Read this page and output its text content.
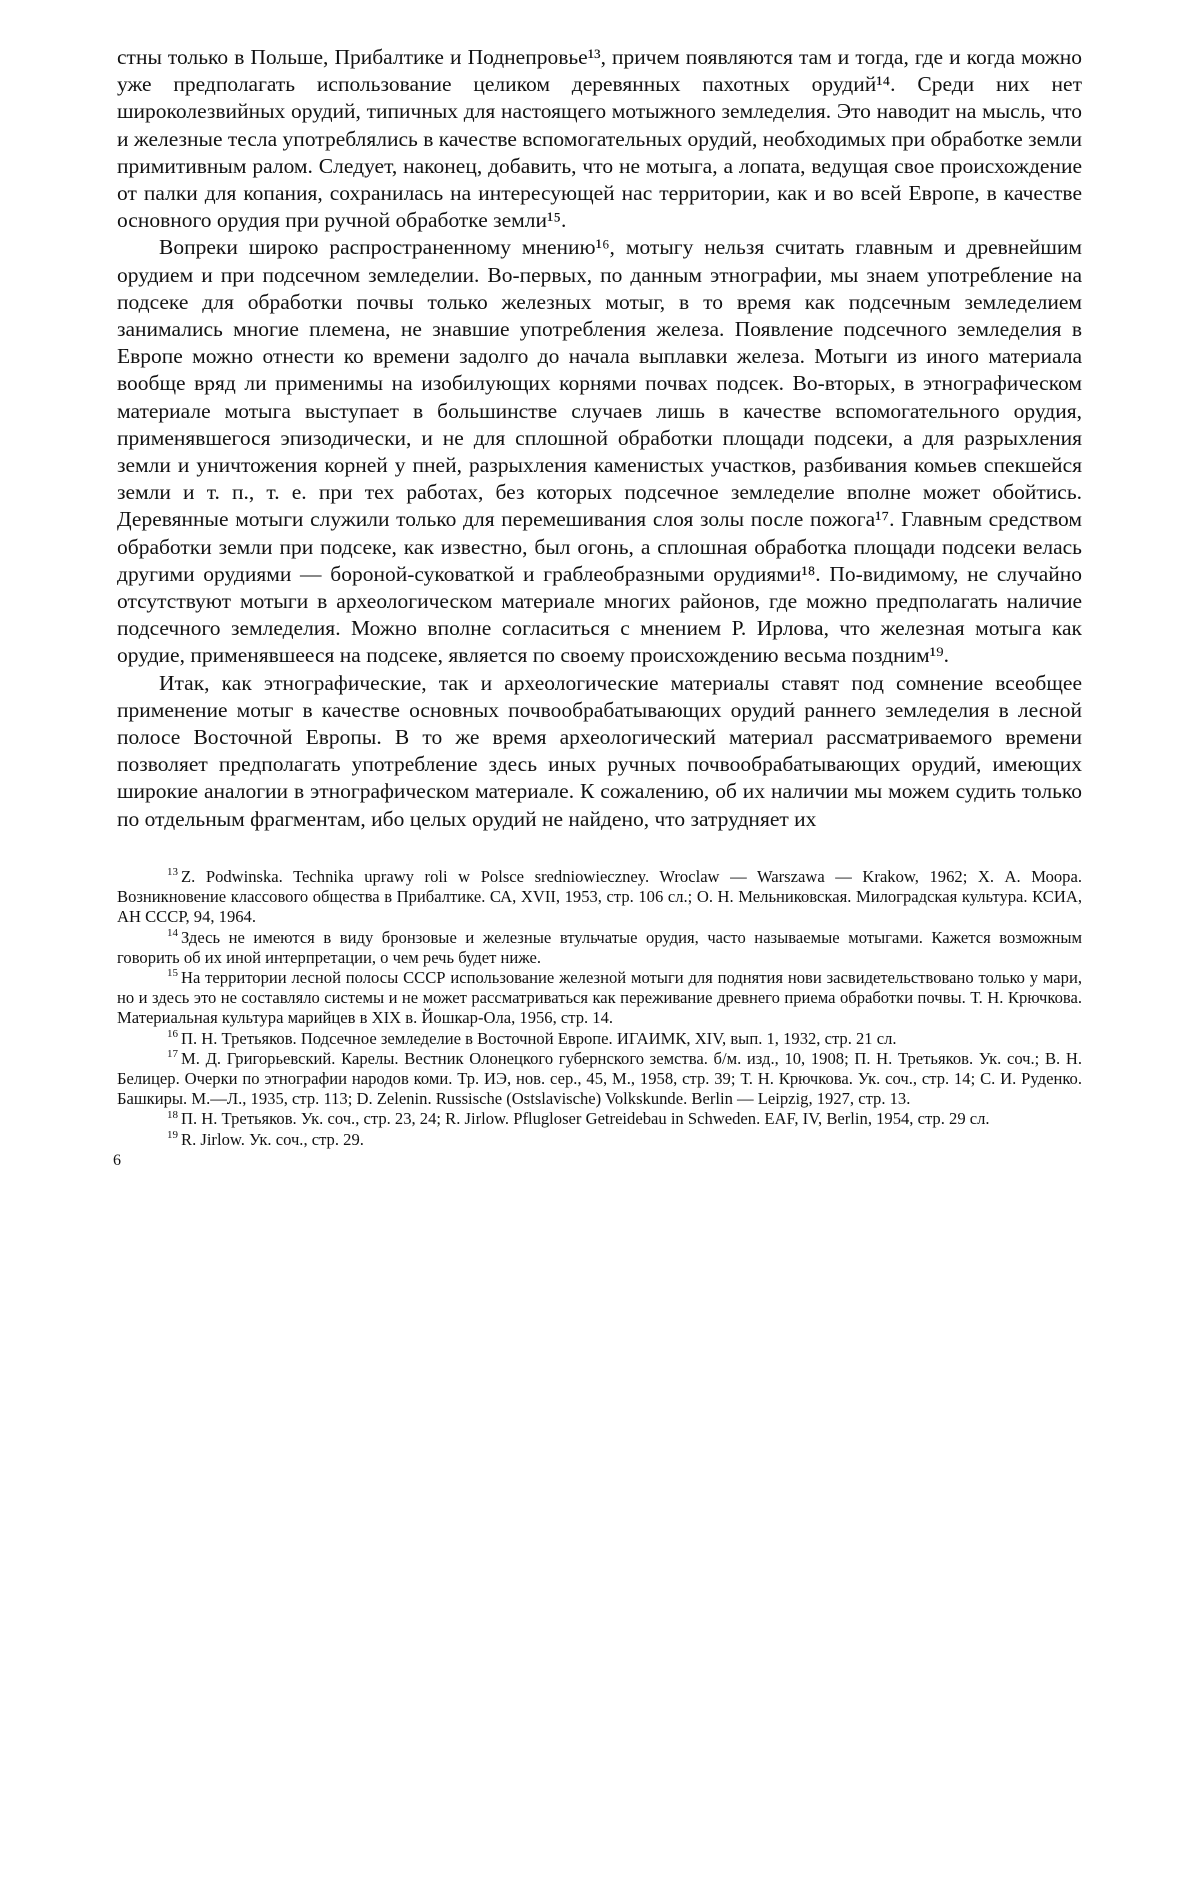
стны только в Польше, Прибалтике и Поднепровье¹³, причем появляются там и тогда, где и когда можно уже предполагать использование целиком деревянных пахотных орудий¹⁴. Среди них нет широколезвийных орудий, типичных для настоящего мотыжного земледелия. Это наводит на мысль, что и железные тесла употреблялись в качестве вспомогательных орудий, необходимых при обработке земли примитивным ралом. Следует, наконец, добавить, что не мотыга, а лопата, ведущая свое происхождение от палки для копания, сохранилась на интересующей нас территории, как и во всей Европе, в качестве основного орудия при ручной обработке земли¹⁵.

Вопреки широко распространенному мнению¹⁶, мотыгу нельзя считать главным и древнейшим орудием и при подсечном земледелии. Во-первых, по данным этнографии, мы знаем употребление на подсеке для обработки почвы только железных мотыг, в то время как подсечным земледелием занимались многие племена, не знавшие употребления железа. Появление подсечного земледелия в Европе можно отнести ко времени задолго до начала выплавки железа. Мотыги из иного материала вообще вряд ли применимы на изобилующих корнями почвах подсек. Во-вторых, в этнографическом материале мотыга выступает в большинстве случаев лишь в качестве вспомогательного орудия, применявшегося эпизодически, и не для сплошной обработки площади подсеки, а для разрыхления земли и уничтожения корней у пней, разрыхления каменистых участков, разбивания комьев спекшейся земли и т. п., т. е. при тех работах, без которых подсечное земледелие вполне может обойтись. Деревянные мотыги служили только для перемешивания слоя золы после пожога¹⁷. Главным средством обработки земли при подсеке, как известно, был огонь, а сплошная обработка площади подсеки велась другими орудиями — бороной-суковаткой и граблеобразными орудиями¹⁸. По-видимому, не случайно отсутствуют мотыги в археологическом материале многих районов, где можно предполагать наличие подсечного земледелия. Можно вполне согласиться с мнением Р. Ирлова, что железная мотыга как орудие, применявшееся на подсеке, является по своему происхождению весьма поздним¹⁹.

Итак, как этнографические, так и археологические материалы ставят под сомнение всеобщее применение мотыг в качестве основных почвообрабатывающих орудий раннего земледелия в лесной полосе Восточной Европы. В то же время археологический материал рассматриваемого времени позволяет предполагать употребление здесь иных ручных почвообрабатывающих орудий, имеющих широкие аналогии в этнографическом материале. К сожалению, об их наличии мы можем судить только по отдельным фрагментам, ибо целых орудий не найдено, что затрудняет их

$^{13}$ Z. Podwinska. Technika uprawy roli w Polsce sredniowieczney. Wroclaw — Warszawa — Krakow, 1962; Х. А. Моора. Возникновение классового общества в Прибалтике. СА, XVII, 1953, стр. 106 сл.; О. Н. Мельниковская. Милоградская культура. КСИА, АН СССР, 94, 1964.

$^{14}$ Здесь не имеются в виду бронзовые и железные втульчатые орудия, часто называемые мотыгами. Кажется возможным говорить об их иной интерпретации, о чем речь будет ниже.

$^{15}$ На территории лесной полосы СССР использование железной мотыги для поднятия нови засвидетельствовано только у мари, но и здесь это не составляло системы и не может рассматриваться как переживание древнего приема обработки почвы. Т. Н. Крючкова. Материальная культура марийцев в XIX в. Йошкар-Ола, 1956, стр. 14.

$^{16}$ П. Н. Третьяков. Подсечное земледелие в Восточной Европе. ИГАИМК, XIV, вып. 1, 1932, стр. 21 сл.

$^{17}$ М. Д. Григорьевский. Карелы. Вестник Олонецкого губернского земства. б/м. изд., 10, 1908; П. Н. Третьяков. Ук. соч.; В. Н. Белицер. Очерки по этнографии народов коми. Тр. ИЭ, нов. сер., 45, М., 1958, стр. 39; Т. Н. Крючкова. Ук. соч., стр. 14; С. И. Руденко. Башкиры. М.—Л., 1935, стр. 113; D. Zelenin. Russische (Ostslavische) Volkskunde. Berlin — Leipzig, 1927, стр. 13.

$^{18}$ П. Н. Третьяков. Ук. соч., стр. 23, 24; R. Jirlow. Pflugloser Getreidebau in Schweden. EAF, IV, Berlin, 1954, стр. 29 сл.

$^{19}$ R. Jirlow. Ук. соч., стр. 29.

6
